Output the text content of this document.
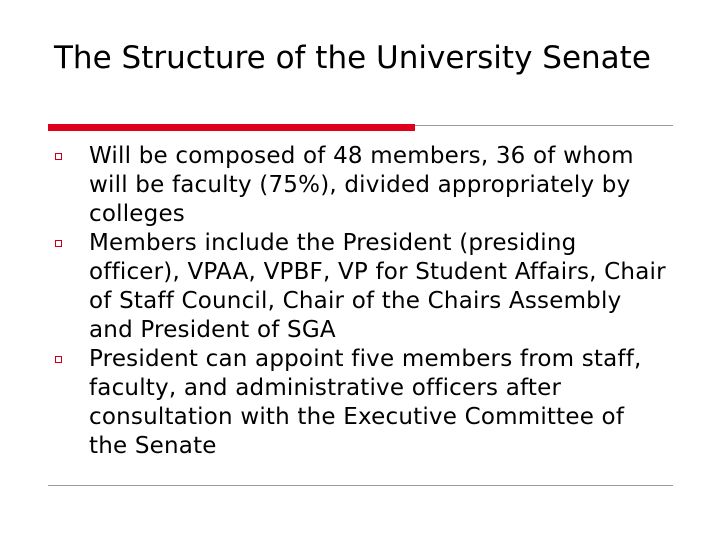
The Structure of the University Senate
Will be composed of 48 members, 36 of whom will be faculty (75%), divided appropriately by colleges
Members include the President (presiding officer), VPAA, VPBF, VP for Student Affairs, Chair of Staff Council, Chair of the Chairs Assembly and President of SGA
President can appoint five members from staff, faculty, and administrative officers after consultation with the Executive Committee of the Senate
